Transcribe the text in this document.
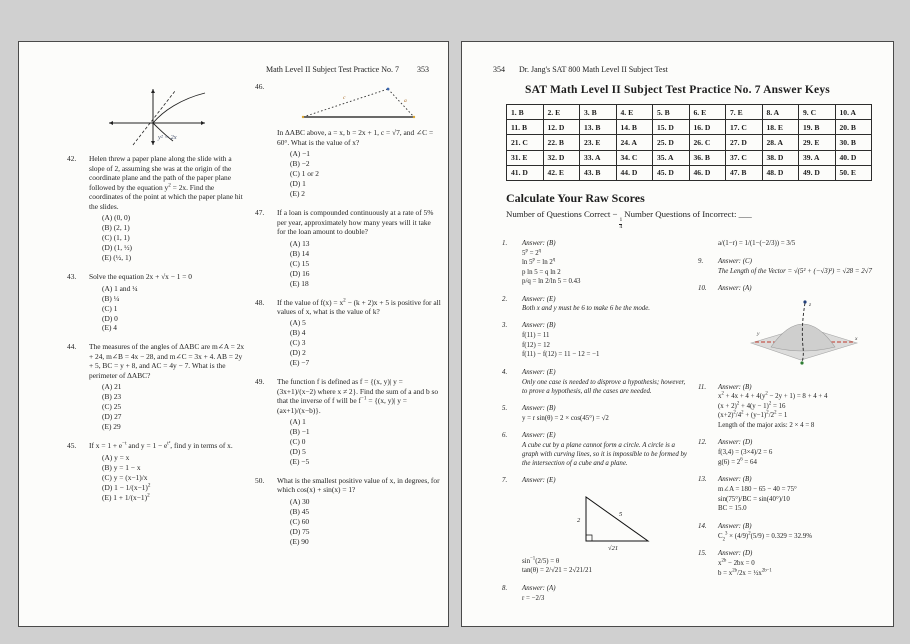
Math Level II Subject Test Practice No. 7 353
y² = 2x
42.	Helen threw a paper plane along the slide with a slope of 2, assuming she was at the origin of the coordinate plane and the path of the paper plane followed by the equation $y^2 = 2x$. Find the coordinates of the point at which the paper plane hit the slides.
(A) (0, 0)
(B) (2, 1)
(C) (1, 1)
(D) (1, ½)
(E) (½, 1)
43.	Solve the equation 2x + √x − 1 = 0
(A) 1 and ¼
(B) ¼
(C) 1
(D) 0
(E) 4
44.	The measures of the angles of ΔABC are m∠A = 2x + 24, m∠B = 4x − 28, and m∠C = 3x + 4. AB = 2y + 5, BC = y + 8, and AC = 4y − 7. What is the perimeter of ΔABC?
(A) 21
(B) 23
(C) 25
(D) 27
(E) 29
45.	If $x = 1 + e^{-t}$ and $y = 1 - e^{t^2}$, find y in terms of x.
(A) y = x
(B) y = 1 − x
(C) y = (x−1)/x
(D) $1 - 1/(x-1)^2$
(E) $1 + 1/(x-1)^2$
46.
c	a
In ΔABC above, a = x, b = 2x + 1, c = √7, and ∠C = 60°. What is the value of x?
(A) −1
(B) −2
(C) 1 or 2
(D) 1
(E) 2
47.	If a loan is compounded continuously at a rate of 5% per year, approximately how many years will it take for the loan amount to double?
(A) 13
(B) 14
(C) 15
(D) 16
(E) 18
48.	If the value of $f(x) = x^2 - (k + 2)x + 5$ is positive for all values of x, what is the value of k?
(A) 5
(B) 4
(C) 3
(D) 2
(E) −7
49.	The function f is defined as f = {(x, y)| y = (3x+1)/(x−2) where x ≠ 2}. Find the sum of a and b so that the inverse of f will be $f^{-1} = \{(x$, y)| y = (ax+1)/(x−b)}.
(A) 1
(B) −1
(C) 0
(D) 5
(E) −5
50.	What is the smallest positive value of x, in degrees, for which cos(x) + sin(x) = 1?
(A) 30
(B) 45
(C) 60
(D) 75
(E) 90
354 Dr. Jang's SAT 800 Math Level II Subject Test
SAT Math Level II Subject Test Practice No. 7 Answer Keys
1. B	2. E	3. B	4. E	5. B	6. E	7. E	8. A	9. C	10. A
11. B	12. D	13. B	14. B	15. D	16. D	17. C	18. E	19. B	20. B
21. C	22. B	23. E	24. A	25. D	26. C	27. D	28. A	29. E	30. B
31. E	32. D	33. A	34. C	35. A	36. B	37. C	38. D	39. A	40. D
41. D	42. E	43. B	44. D	45. D	46. D	47. B	48. D	49. D	50. E
Calculate Your Raw Scores
Number of Questions Correct −
$\frac{1}{4}$
Number Questions of Incorrect: ___
1.	Answer: (B)
$5^p = 2^q$
$\ln 5^p = \ln 2^q$
p ln 5 = q ln 2
p/q = ln 2/ln 5 = 0.43
2.	Answer: (E)
Both x and y must be 6 to make 6 be the mode.
3.	Answer: (B)
f(11) = 11
f(12) = 12
f(11) − f(12) = 11 − 12 = −1
4.	Answer: (E)
Only one case is needed to disprove a hypothesis; however, to prove a hypothesis, all the cases are needed.
5.	Answer: (B)
y = r sin(θ) = 2 × cos(45°) = √2
6.	Answer: (E)
A cube cut by a plane cannot form a circle. A circle is a graph with curving lines, so it is impossible to be formed by the intersection of a cube and a plane.
7.	Answer: (E)
2
5
√21
$\sin^{-1}(2/5) = \theta$
tan(θ) = 2/√21 = 2√21/21
8.	Answer: (A)
r = −2/3
a/(1−r) = 1/(1−(−2/3)) = 3/5
9.	Answer: (C)
The Length of the Vector = √(5² + (−√3)²) = √28 = 2√7
10.	Answer: (A)
z
x
y
11.	Answer: (B)
$x^2 + 4x + 4 + 4(y^2 - 2y + 1) = 8 + 4 + 4$
$(x + 2)^2 + 4(y - 1)^2 = 16$
$(x+2)^2/4^2 + (y-1)^2/2^2 = 1$
Length of the major axis: 2 × 4 = 8
12.	Answer: (D)
f(3,4) = (3×4)/2 = 6
$g(6) = 2^6 = 64$
13.	Answer: (B)
m∠A = 180 − 65 − 40 = 75°
sin(75°)/BC = sin(40°)/10
BC = 15.0
14.	Answer: (B)
$C_2^3 \times (4/9)^2(5/9) = 0.329 = 32.9\%$
15.	Answer: (D)
$x^{2b} - 2bx = 0$
$b = x^{2b}/2x$ = $\frac{1}{2}x^{2b-1}$
